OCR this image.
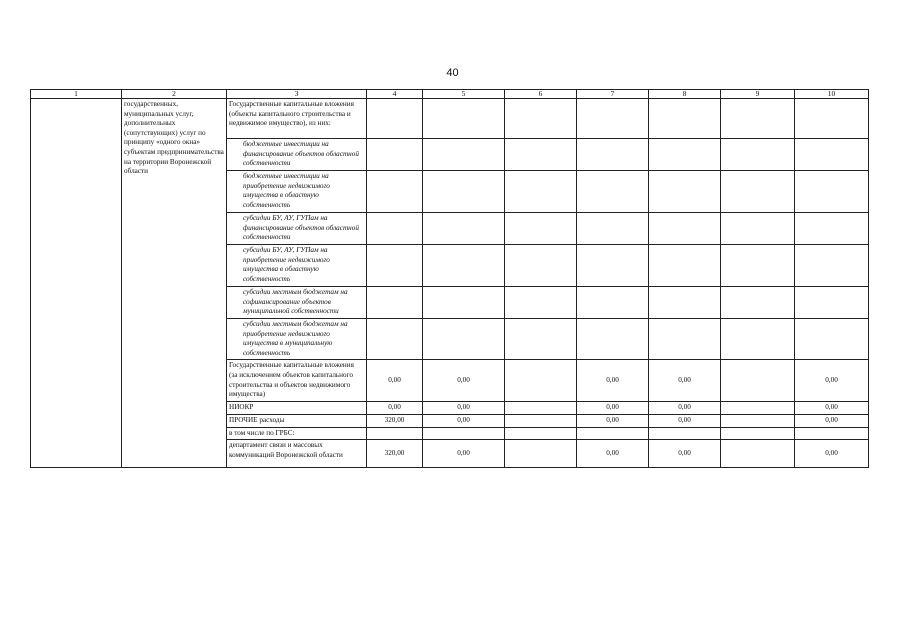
40
1	2	3	4	5	6	7	8	9	10
	государственных, муниципальных услуг, дополнительных (сопутствующих) услуг по принципу «одного окна» субъектам предпринимательства на территории Воронежской области	Государственные капитальные вложения (объекты капитального строительства и недвижимое имущество), из них:							
		бюджетные инвестиции на финансирование объектов областной собственности							
		бюджетные инвестиции на приобретение недвижимого имущества в областную собственность							
		субсидии БУ, АУ, ГУПам на финансирование объектов областной собственности							
		субсидии БУ, АУ, ГУПам на приобретение недвижимого имущества в областную собственность							
		субсидии местным бюджетам на софинансирование объектов муниципальной собственности							
		субсидии местным бюджетам на приобретение недвижимого имущества в муниципальную собственность							
		Государственные капитальные вложения (за исключением объектов капитального строительства и объектов недвижимого имущества)	0,00	0,00		0,00	0,00		0,00
		НИОКР	0,00	0,00		0,00	0,00		0,00
		ПРОЧИЕ расходы	320,00	0,00		0,00	0,00		0,00
		в том числе по ГРБС:							
		департамент связи и массовых коммуникаций Воронежской области	320,00	0,00		0,00	0,00		0,00
